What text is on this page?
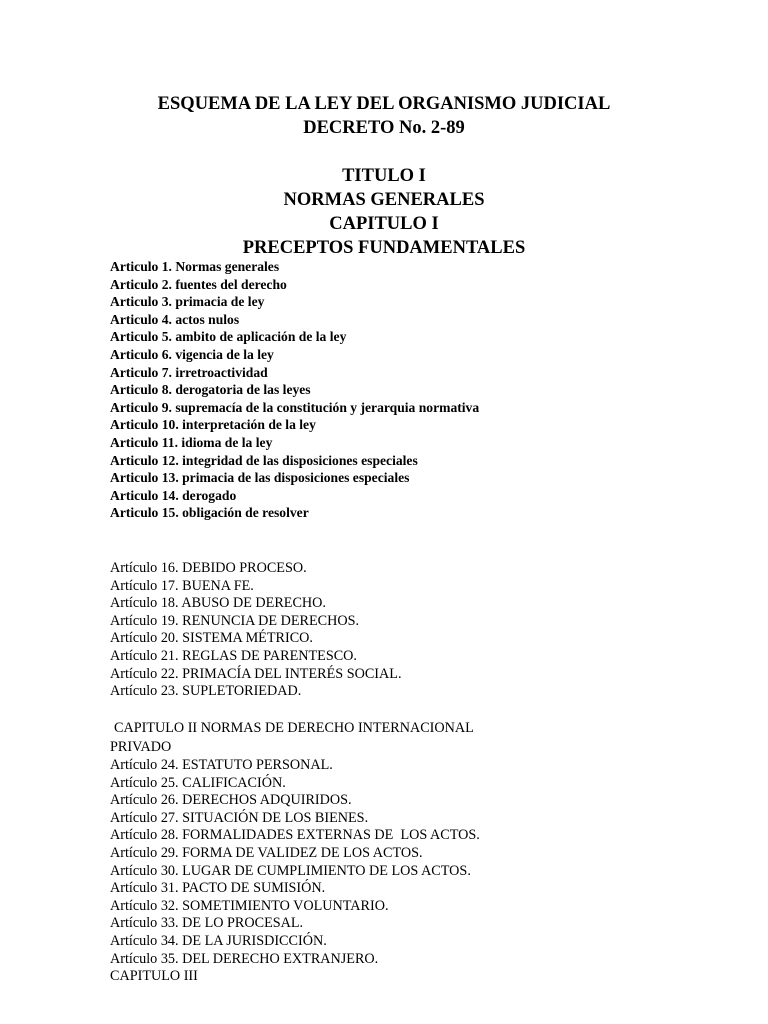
ESQUEMA DE LA LEY DEL ORGANISMO JUDICIAL
DECRETO No. 2-89
TITULO I
NORMAS GENERALES
CAPITULO I
PRECEPTOS FUNDAMENTALES
Articulo 1. Normas generales
Articulo 2. fuentes del derecho
Articulo 3. primacia de ley
Articulo 4. actos nulos
Articulo 5. ambito de aplicación de la ley
Articulo 6. vigencia de la ley
Articulo 7. irretroactividad
Articulo 8. derogatoria de las leyes
Articulo 9. supremacía de la constitución y jerarquia normativa
Articulo 10. interpretación de la ley
Articulo 11. idioma de la ley
Articulo 12. integridad de las disposiciones especiales
Articulo 13. primacia de las disposiciones especiales
Articulo 14. derogado
Articulo 15. obligación de resolver
Artículo 16. DEBIDO PROCESO.
Artículo 17. BUENA FE.
Artículo 18. ABUSO DE DERECHO.
Artículo 19. RENUNCIA DE DERECHOS.
Artículo 20. SISTEMA MÉTRICO.
Artículo 21. REGLAS DE PARENTESCO.
Artículo 22. PRIMACÍA DEL INTERÉS SOCIAL.
Artículo 23. SUPLETORIEDAD.
CAPITULO II NORMAS DE DERECHO INTERNACIONAL
PRIVADO
Artículo 24. ESTATUTO PERSONAL.
Artículo 25. CALIFICACIÓN.
Artículo 26. DERECHOS ADQUIRIDOS.
Artículo 27. SITUACIÓN DE LOS BIENES.
Artículo 28. FORMALIDADES EXTERNAS DE  LOS ACTOS.
Artículo 29. FORMA DE VALIDEZ DE LOS ACTOS.
Artículo 30. LUGAR DE CUMPLIMIENTO DE LOS ACTOS.
Artículo 31. PACTO DE SUMISIÓN.
Artículo 32. SOMETIMIENTO VOLUNTARIO.
Artículo 33. DE LO PROCESAL.
Artículo 34. DE LA JURISDICCIÓN.
Artículo 35. DEL DERECHO EXTRANJERO.
CAPITULO III
